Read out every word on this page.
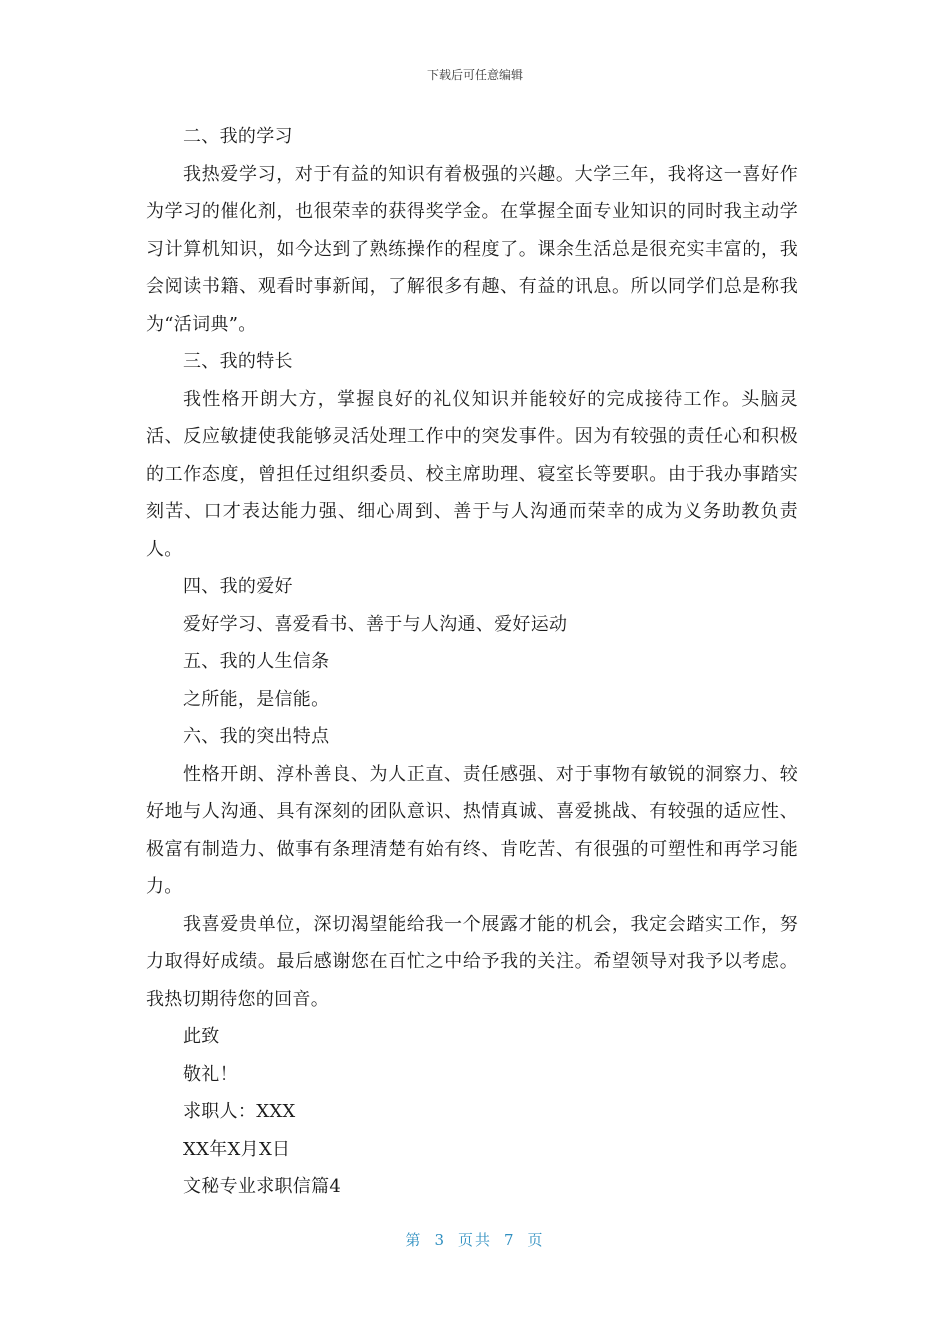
下载后可任意编辑

二、我的学习

我热爱学习，对于有益的知识有着极强的兴趣。大学三年，我将这一喜好作为学习的催化剂，也很荣幸的获得奖学金。在掌握全面专业知识的同时我主动学习计算机知识，如今达到了熟练操作的程度了。课余生活总是很充实丰富的，我会阅读书籍、观看时事新闻，了解很多有趣、有益的讯息。所以同学们总是称我为“活词典”。

三、我的特长

我性格开朗大方，掌握良好的礼仪知识并能较好的完成接待工作。头脑灵活、反应敏捷使我能够灵活处理工作中的突发事件。因为有较强的责任心和积极的工作态度，曾担任过组织委员、校主席助理、寝室长等要职。由于我办事踏实刻苦、口才表达能力强、细心周到、善于与人沟通而荣幸的成为义务助教负责人。

四、我的爱好

爱好学习、喜爱看书、善于与人沟通、爱好运动

五、我的人生信条

之所能，是信能。

六、我的突出特点

性格开朗、淳朴善良、为人正直、责任感强、对于事物有敏锐的洞察力、较好地与人沟通、具有深刻的团队意识、热情真诚、喜爱挑战、有较强的适应性、极富有制造力、做事有条理清楚有始有终、肯吃苦、有很强的可塑性和再学习能力。

我喜爱贵单位，深切渴望能给我一个展露才能的机会，我定会踏实工作，努力取得好成绩。最后感谢您在百忙之中给予我的关注。希望领导对我予以考虑。我热切期待您的回音。

此致

敬礼！

求职人：XXX

XX年X月X日

文秘专业求职信篇4

第 3 页共 7 页
